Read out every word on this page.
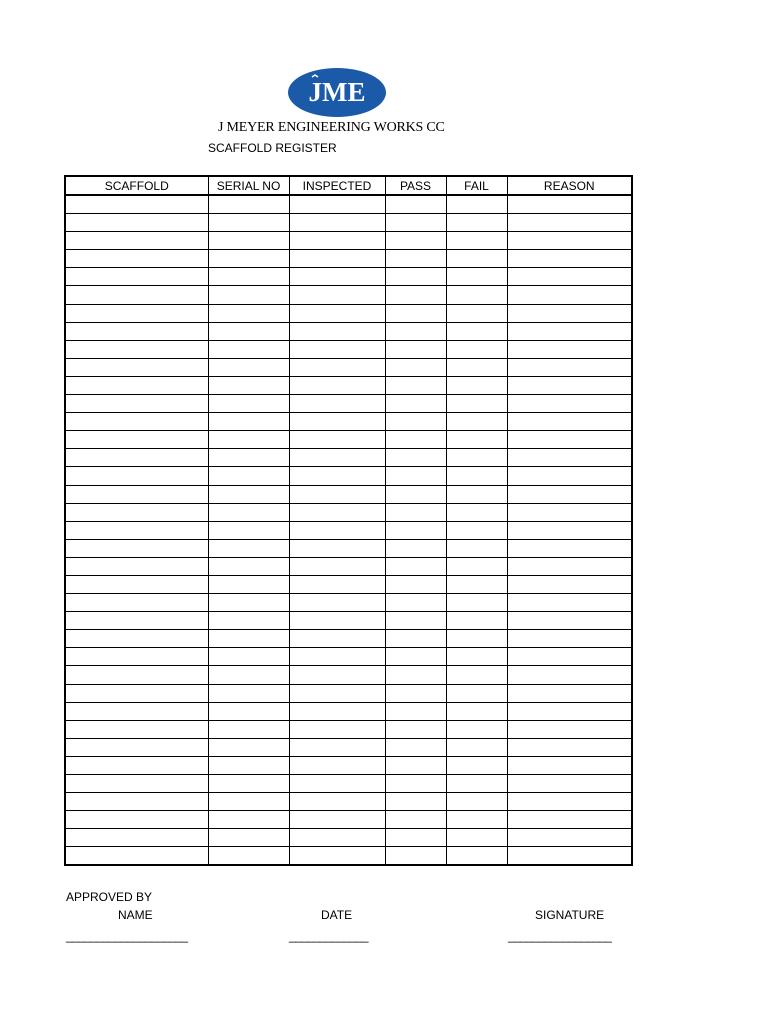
JME
J MEYER ENGINEERING WORKS CC
SCAFFOLD REGISTER
SCAFFOLD	SERIAL NO	INSPECTED	PASS	FAIL	REASON

APPROVED BY
NAME	DATE	SIGNATURE
____________________	_____________	_________________
